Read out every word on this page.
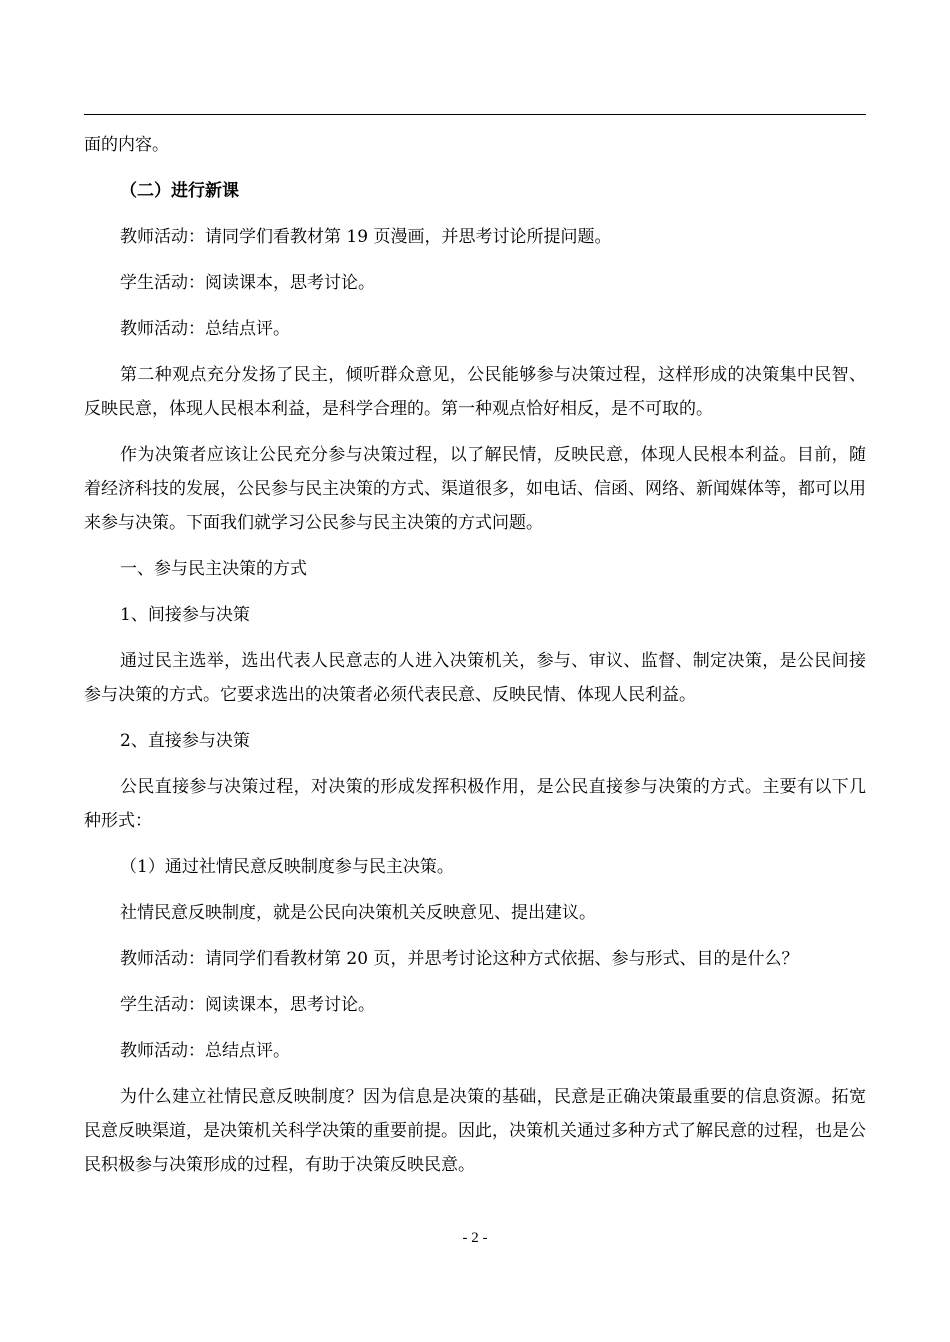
面的内容。

（二）进行新课

教师活动：请同学们看教材第 19 页漫画，并思考讨论所提问题。

学生活动：阅读课本，思考讨论。

教师活动：总结点评。

第二种观点充分发扬了民主，倾听群众意见，公民能够参与决策过程，这样形成的决策集中民智、反映民意，体现人民根本利益，是科学合理的。第一种观点恰好相反，是不可取的。

作为决策者应该让公民充分参与决策过程，以了解民情，反映民意，体现人民根本利益。目前，随着经济科技的发展，公民参与民主决策的方式、渠道很多，如电话、信函、网络、新闻媒体等，都可以用来参与决策。下面我们就学习公民参与民主决策的方式问题。

一、参与民主决策的方式

1、间接参与决策

通过民主选举，选出代表人民意志的人进入决策机关，参与、审议、监督、制定决策，是公民间接参与决策的方式。它要求选出的决策者必须代表民意、反映民情、体现人民利益。

2、直接参与决策

公民直接参与决策过程，对决策的形成发挥积极作用，是公民直接参与决策的方式。主要有以下几种形式：

（1）通过社情民意反映制度参与民主决策。

社情民意反映制度，就是公民向决策机关反映意见、提出建议。

教师活动：请同学们看教材第 20 页，并思考讨论这种方式依据、参与形式、目的是什么？

学生活动：阅读课本，思考讨论。

教师活动：总结点评。

为什么建立社情民意反映制度？因为信息是决策的基础，民意是正确决策最重要的信息资源。拓宽民意反映渠道，是决策机关科学决策的重要前提。因此，决策机关通过多种方式了解民意的过程，也是公民积极参与决策形成的过程，有助于决策反映民意。

- 2 -
